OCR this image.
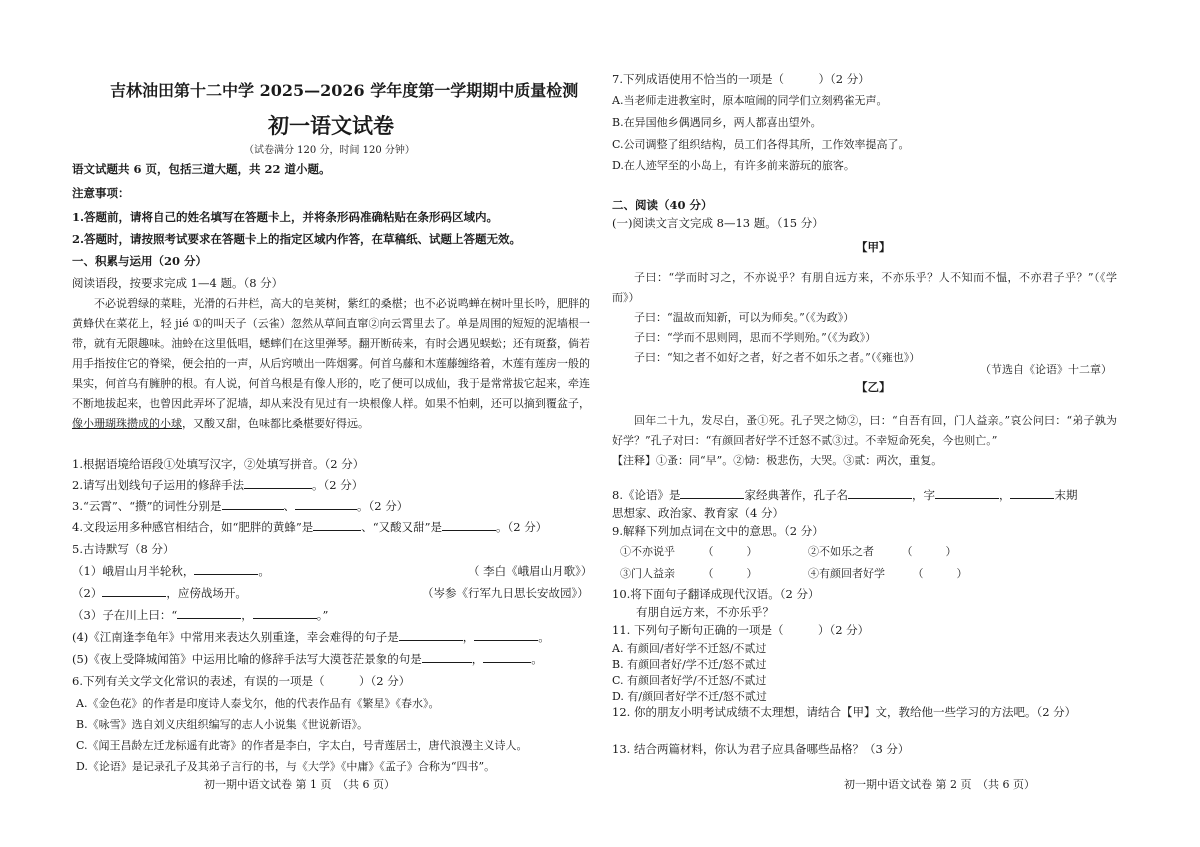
吉林油田第十二中学 2025—2026 学年度第一学期期中质量检测
初一语文试卷
（试卷满分 120 分，时间 120 分钟）
语文试题共 6 页，包括三道大题，共 22 道小题。
注意事项：
1.答题前，请将自己的姓名填写在答题卡上，并将条形码准确粘贴在条形码区域内。
2.答题时，请按照考试要求在答题卡上的指定区域内作答，在草稿纸、试题上答题无效。
一、积累与运用（20 分）
阅读语段，按要求完成 1—4 题。（8 分）

不必说碧绿的菜畦，光滑的石井栏，高大的皂荚树，紫红的桑椹；也不必说鸣蝉在树叶里长吟，肥胖的黄蜂伏在菜花上，轻 jié ①的叫天子（云雀）忽然从草间直窜②向云霄里去了。单是周围的短短的泥墙根一带，就有无限趣味。油蛉在这里低唱，蟋蟀们在这里弹琴。翻开断砖来，有时会遇见蜈蚣；还有斑蝥，倘若用手指按住它的脊梁，便会拍的一声，从后窍喷出一阵烟雾。何首乌藤和木莲藤缠络着，木莲有莲房一般的果实，何首乌有臃肿的根。有人说，何首乌根是有像人形的，吃了便可以成仙，我于是常常拔它起来，牵连不断地拔起来，也曾因此弄坏了泥墙，却从来没有见过有一块根像人样。如果不怕刺，还可以摘到覆盆子，像小珊瑚珠攒成的小球，又酸又甜，色味都比桑椹要好得远。

1.根据语境给语段①处填写汉字，②处填写拼音。（2 分）
2.请写出划线句子运用的修辞手法	。（2 分）
3.“云霄”、“攒”的词性分别是	、	。（2 分）
4.文段运用多种感官相结合，如“肥胖的黄蜂”是	、“又酸又甜”是	。（2 分）
5.古诗默写（8 分）
（1）峨眉山月半轮秋，	。	（ 李白《峨眉山月歌》）
（2）	，应傍战场开。	（岑参《行军九日思长安故园》）
（3）子在川上曰：“	，	。”
(4)《江南逢李龟年》中常用来表达久别重逢，幸会难得的句子是	，	。
(5)《夜上受降城闻笛》中运用比喻的修辞手法写大漠苍茫景象的句是	，	。
6.下列有关文学文化常识的表述，有误的一项是（　　　）（2 分）
A.《金色花》的作者是印度诗人泰戈尔，他的代表作品有《繁星》《春水》。
B.《咏雪》选自刘义庆组织编写的志人小说集《世说新语》。
C.《闻王昌龄左迁龙标遥有此寄》的作者是李白，字太白，号青莲居士，唐代浪漫主义诗人。
D.《论语》是记录孔子及其弟子言行的书，与《大学》《中庸》《孟子》合称为“四书”。
初一期中语文试卷 第 1 页　（共 6 页）
7.下列成语使用不恰当的一项是（　　　）（2 分）
A.当老师走进教室时，原本喧闹的同学们立刻鸦雀无声。
B.在异国他乡偶遇同乡，两人都喜出望外。
C.公司调整了组织结构，员工们各得其所，工作效率提高了。
D.在人迹罕至的小岛上，有许多前来游玩的旅客。
二、阅读（40 分）
(一)阅读文言文完成 8—13 题。（15 分）
【甲】

子曰：“学而时习之，不亦说乎？有朋自远方来，不亦乐乎？人不知而不愠，不亦君子乎？”（《学而》）

子曰：“温故而知新，可以为师矣。”（《为政》）

子曰：“学而不思则罔，思而不学则殆。”（《为政》）

子曰：“知之者不如好之者，好之者不如乐之者。”（《雍也》）

（节选自《论语》十二章）
【乙】

回年二十九，发尽白，蚤①死。孔子哭之恸②，曰：“自吾有回，门人益亲。”哀公问曰：“弟子孰为好学？”孔子对曰：“有颜回者好学不迁怒不贰③过。不幸短命死矣，今也则亡。”

【注释】①蚤：同“早”。②恸：极悲伤，大哭。③贰：两次，重复。
8.《论语》是	家经典著作，孔子名	，字	，	末期
思想家、政治家、教育家（4 分）
9.解释下列加点词在文中的意思。（2 分）
①不亦说乎　　　（　　　）	②不如乐之者　　　（　　　）
③门人益亲　　　（　　　）	④有颜回者好学　　　（　　　）
10.将下面句子翻译成现代汉语。（2 分）
有朋自远方来，不亦乐乎？
11. 下列句子断句正确的一项是（　　　）（2 分）
A. 有颜回/者好学不迁怒/不贰过
B. 有颜回者好/学不迁/怒不贰过
C. 有颜回者好学/不迁怒/不贰过
D. 有/颜回者好学不迁/怒不贰过
12. 你的朋友小明考试成绩不太理想，请结合【甲】文，教给他一些学习的方法吧。（2 分）
13. 结合两篇材料，你认为君子应具备哪些品格？（3 分）
初一期中语文试卷 第 2 页　（共 6 页）
